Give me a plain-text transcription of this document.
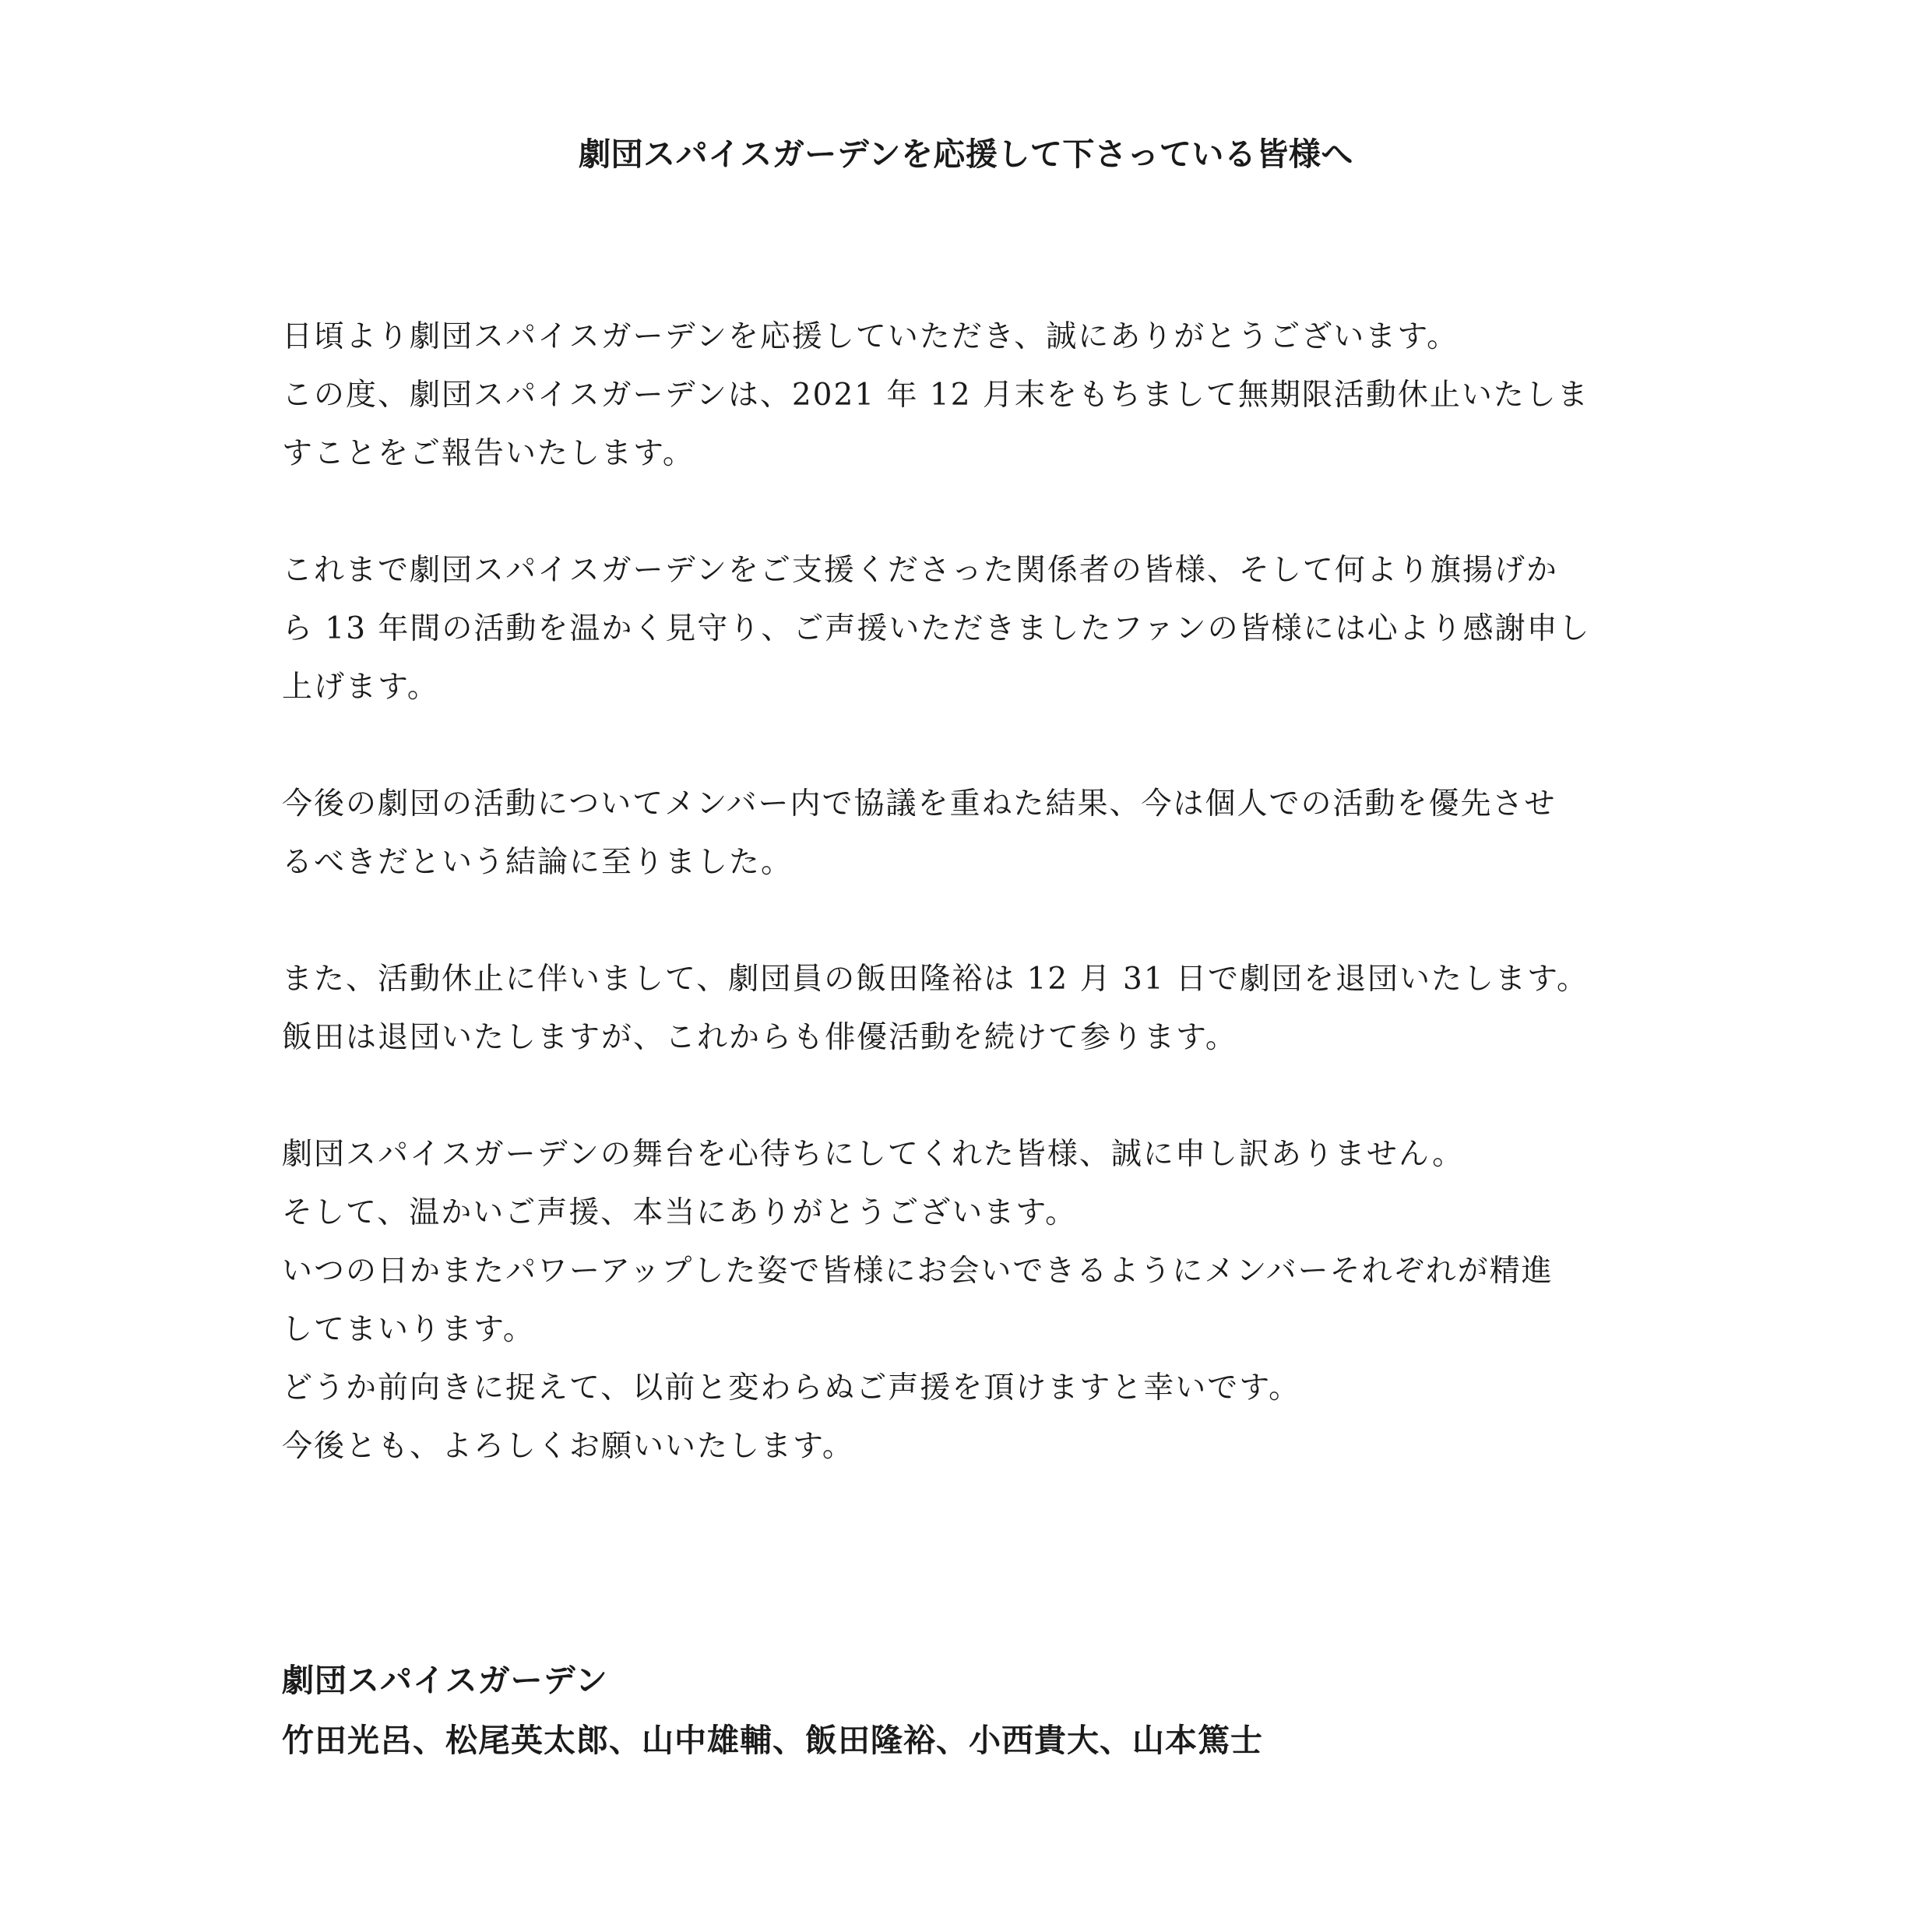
劇団スパイスガーデンを応援して下さっている皆様へ
日頃より劇団スパイスガーデンを応援していただき、誠にありがとうございます。
この度、劇団スパイスガーデンは、2021 年 12 月末をもちまして無期限活動休止いたしま
すことをご報告いたします。
これまで劇団スパイスガーデンをご支援くださった関係者の皆様、そして何より旗揚げか
ら 13 年間の活動を温かく見守り、ご声援いただきましたファンの皆様には心より感謝申し
上げます。
今後の劇団の活動についてメンバー内で協議を重ねた結果、今は個人での活動を優先させ
るべきだという結論に至りました。
また、活動休止に伴いまして、劇団員の飯田隆裕は 12 月 31 日で劇団を退団いたします。
飯田は退団いたしますが、これからも俳優活動を続けて参ります。
劇団スパイスガーデンの舞台を心待ちにしてくれた皆様、誠に申し訳ありません。
そして、温かいご声援、本当にありがとうございます。
いつの日かまたパワーアップした姿で皆様にお会いできるようにメンバーそれぞれが精進
してまいります。
どうか前向きに捉えて、以前と変わらぬご声援を頂けますと幸いです。
今後とも、よろしくお願いいたします。
劇団スパイスガーデン
竹田光呂、松尾英太郎、山中雄輔、飯田隆裕、小西貴大、山本篤士
